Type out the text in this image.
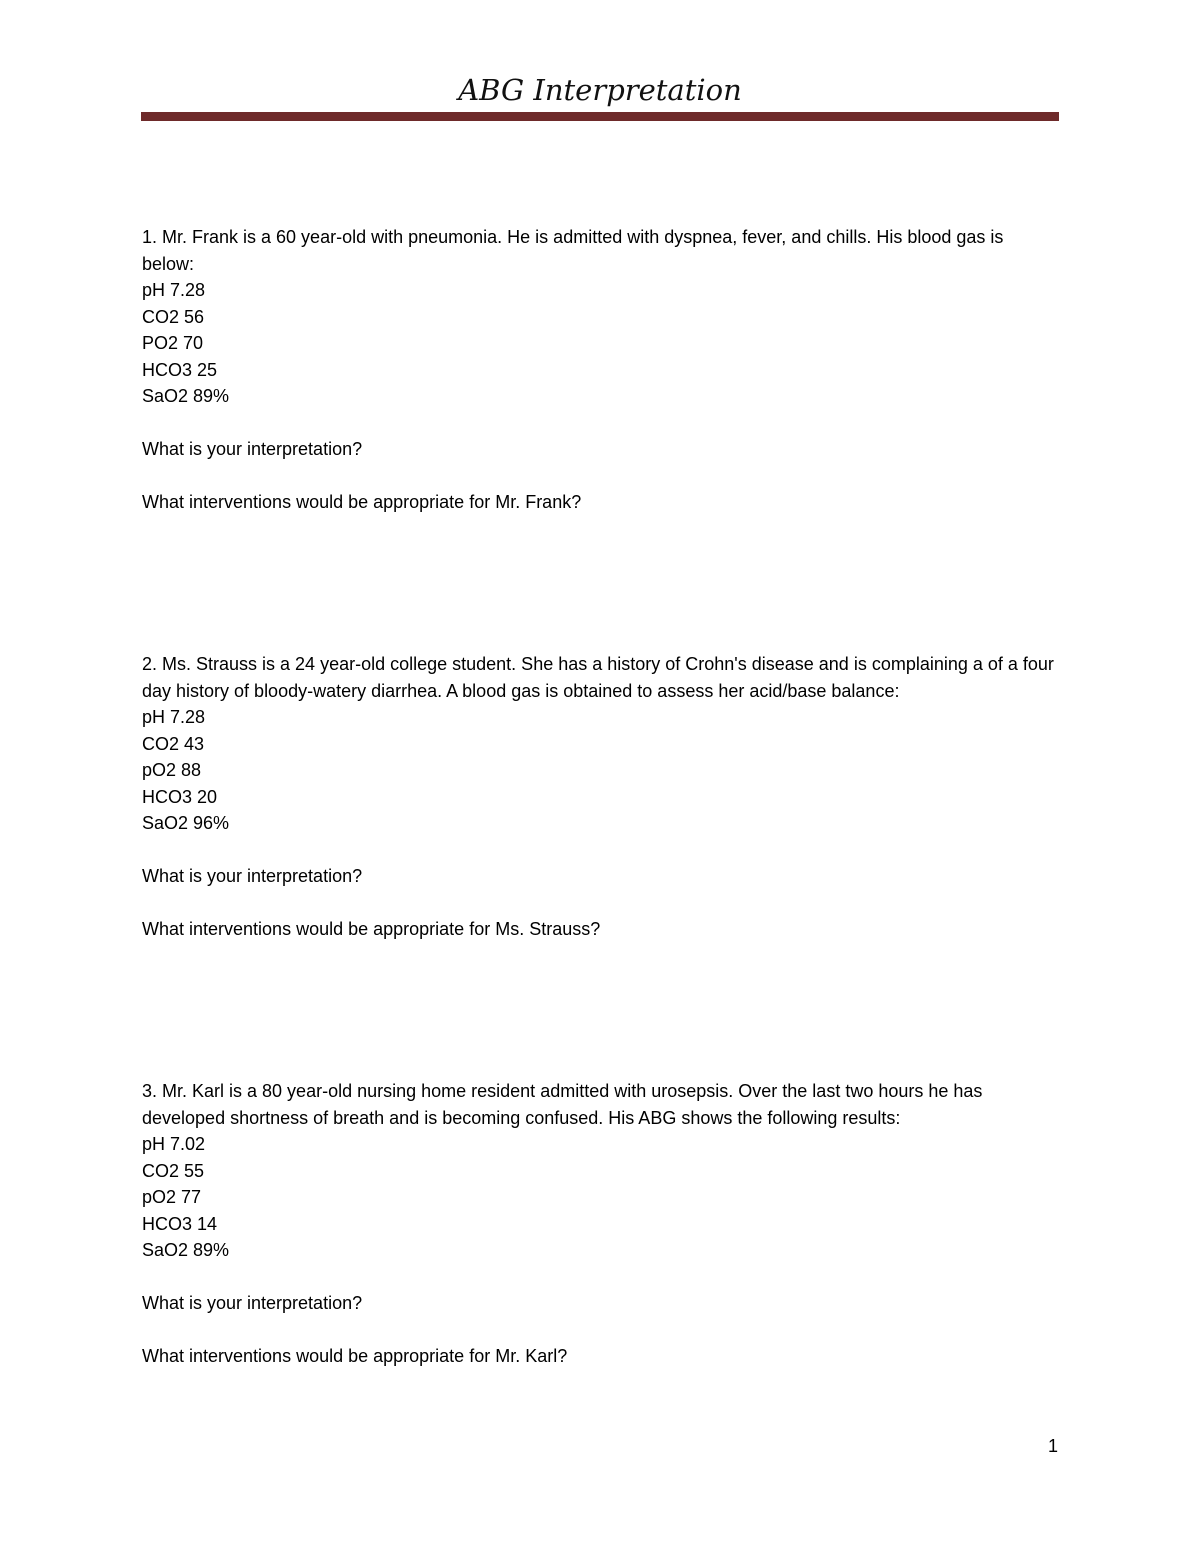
ABG Interpretation
1. Mr. Frank is a 60 year-old with pneumonia. He is admitted with dyspnea, fever, and chills. His blood gas is below:
pH 7.28
CO2 56
PO2 70
HCO3 25
SaO2 89%
What is your interpretation?
What interventions would be appropriate for Mr. Frank?
2. Ms. Strauss is a 24 year-old college student. She has a history of Crohn's disease and is complaining a of a four day history of bloody-watery diarrhea. A blood gas is obtained to assess her acid/base balance:
pH 7.28
CO2 43
pO2 88
HCO3 20
SaO2 96%
What is your interpretation?
What interventions would be appropriate for Ms. Strauss?
3. Mr. Karl is a 80 year-old nursing home resident admitted with urosepsis. Over the last two hours he has developed shortness of breath and is becoming confused. His ABG shows the following results:
pH 7.02
CO2 55
pO2 77
HCO3 14
SaO2 89%
What is your interpretation?
What interventions would be appropriate for Mr. Karl?
1
